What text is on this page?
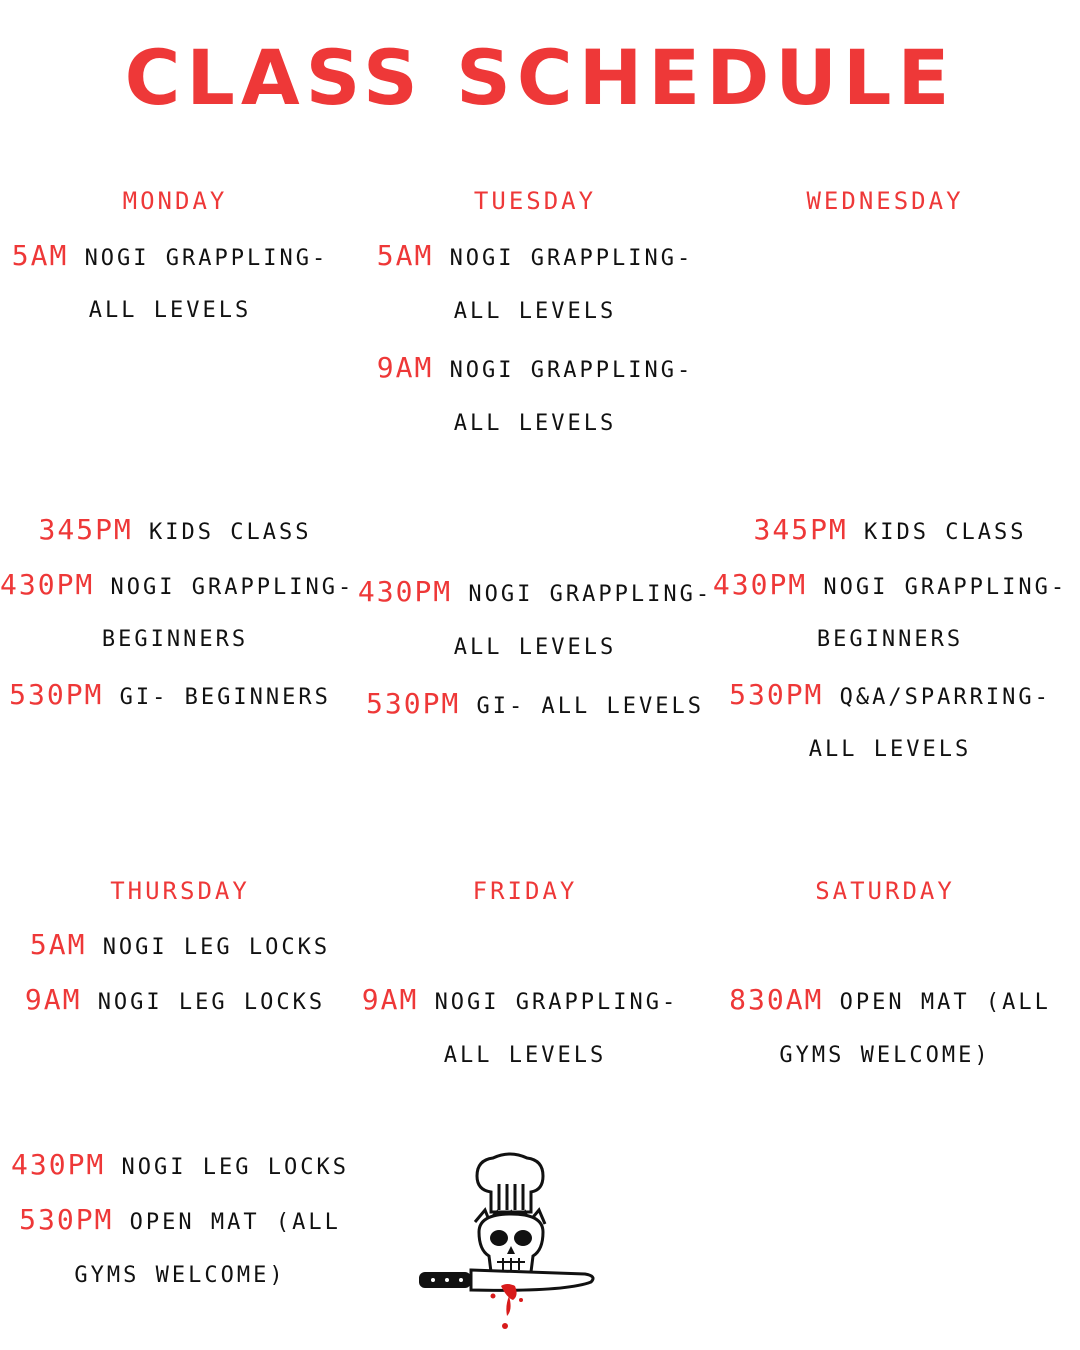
CLASS SCHEDULE
MONDAY
5AM NOGI GRAPPLING-
ALL LEVELS
345PM KIDS CLASS
430PM NOGI GRAPPLING-
BEGINNERS
530PM GI- BEGINNERS
TUESDAY
5AM NOGI GRAPPLING-
ALL LEVELS
9AM NOGI GRAPPLING-
ALL LEVELS
430PM NOGI GRAPPLING-
ALL LEVELS
530PM GI- ALL LEVELS
WEDNESDAY
345PM KIDS CLASS
430PM NOGI GRAPPLING-
BEGINNERS
530PM Q&A/SPARRING-
ALL LEVELS
THURSDAY
5AM NOGI LEG LOCKS
9AM NOGI LEG LOCKS
430PM NOGI LEG LOCKS
530PM OPEN MAT (ALL
GYMS WELCOME)
FRIDAY
9AM NOGI GRAPPLING-
ALL LEVELS
SATURDAY
830AM OPEN MAT (ALL
GYMS WELCOME)
